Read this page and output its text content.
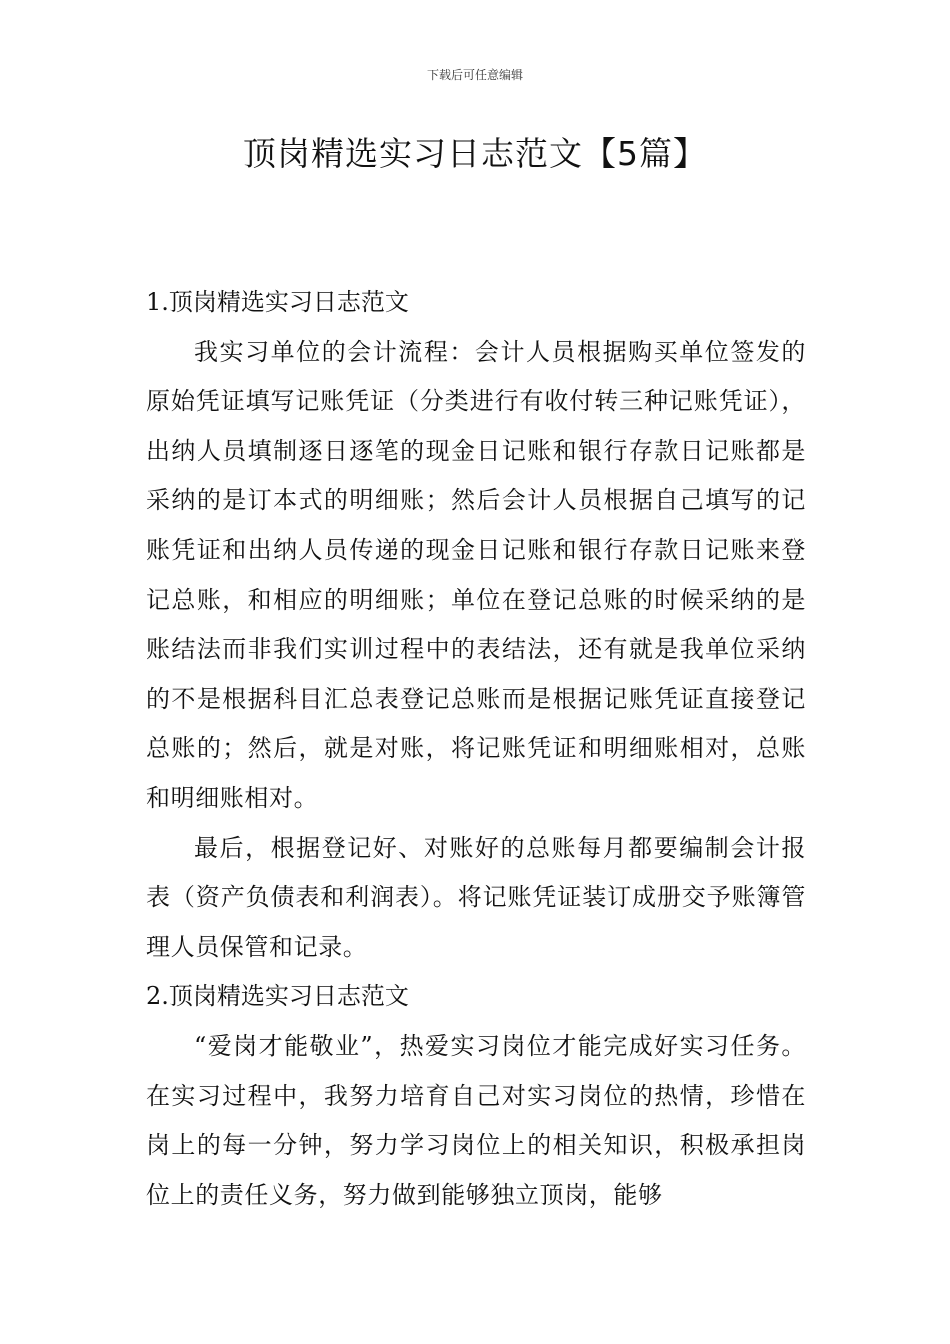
下载后可任意编辑
顶岗精选实习日志范文【5篇】
1.顶岗精选实习日志范文

我实习单位的会计流程：会计人员根据购买单位签发的原始凭证填写记账凭证（分类进行有收付转三种记账凭证），出纳人员填制逐日逐笔的现金日记账和银行存款日记账都是采纳的是订本式的明细账；然后会计人员根据自己填写的记账凭证和出纳人员传递的现金日记账和银行存款日记账来登记总账，和相应的明细账；单位在登记总账的时候采纳的是账结法而非我们实训过程中的表结法，还有就是我单位采纳的不是根据科目汇总表登记总账而是根据记账凭证直接登记总账的；然后，就是对账，将记账凭证和明细账相对，总账和明细账相对。

最后，根据登记好、对账好的总账每月都要编制会计报表（资产负债表和利润表）。将记账凭证装订成册交予账簿管理人员保管和记录。

2.顶岗精选实习日志范文

“爱岗才能敬业”，热爱实习岗位才能完成好实习任务。在实习过程中，我努力培育自己对实习岗位的热情，珍惜在岗上的每一分钟，努力学习岗位上的相关知识，积极承担岗位上的责任义务，努力做到能够独立顶岗，能够
